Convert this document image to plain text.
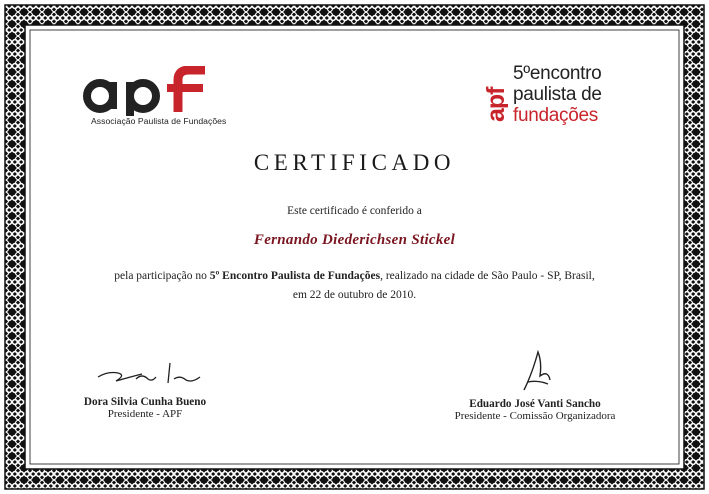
Associação Paulista de Fundações	apf
5ºencontro
paulista de
fundações
CERTIFICADO
Este certificado é conferido a
Fernando Diederichsen Stickel
pela participação no 5º Encontro Paulista de Fundações, realizado na cidade de São Paulo - SP, Brasil,
em 22 de outubro de 2010.
Dora Silvia Cunha Bueno
Presidente - APF
Eduardo José Vanti Sancho
Presidente - Comissão Organizadora
